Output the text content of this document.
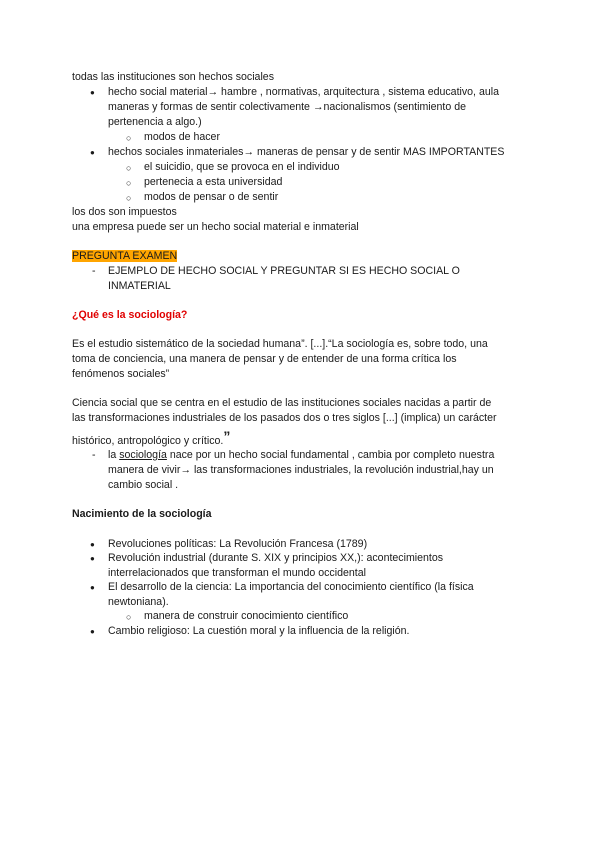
todas las instituciones son hechos sociales
● hecho social material→ hambre , normativas, arquitectura , sistema educativo, aula
maneras y formas de sentir colectivamente →nacionalismos (sentimiento de
pertenencia a algo.)
○ modos de hacer
● hechos sociales inmateriales→ maneras de pensar y de sentir MAS IMPORTANTES
○ el suicidio, que se provoca en el individuo
○ pertenecia a esta universidad
○ modos de pensar o de sentir
los dos son impuestos
una empresa puede ser un hecho social material e inmaterial
PREGUNTA EXAMEN
- EJEMPLO DE HECHO SOCIAL Y PREGUNTAR SI ES HECHO SOCIAL O
INMATERIAL
¿Qué es la sociología?
Es el estudio sistemático de la sociedad humana”. [...].“La sociología es, sobre todo, una
toma de conciencia, una manera de pensar y de entender de una forma crítica los
fenómenos sociales”
Ciencia social que se centra en el estudio de las instituciones sociales nacidas a partir de
las transformaciones industriales de los pasados dos o tres siglos [...] (implica) un carácter
histórico, antropológico y crítico.”
- la sociología nace por un hecho social fundamental , cambia por completo nuestra
manera de vivir→ las transformaciones industriales, la revolución industrial,hay un
cambio social .
Nacimiento de la sociología
● Revoluciones políticas: La Revolución Francesa (1789)
● Revolución industrial (durante S. XIX y principios XX,): acontecimientos
interrelacionados que transforman el mundo occidental
● El desarrollo de la ciencia: La importancia del conocimiento científico (la física
newtoniana).
○ manera de construir conocimiento científico
● Cambio religioso: La cuestión moral y la influencia de la religión.
